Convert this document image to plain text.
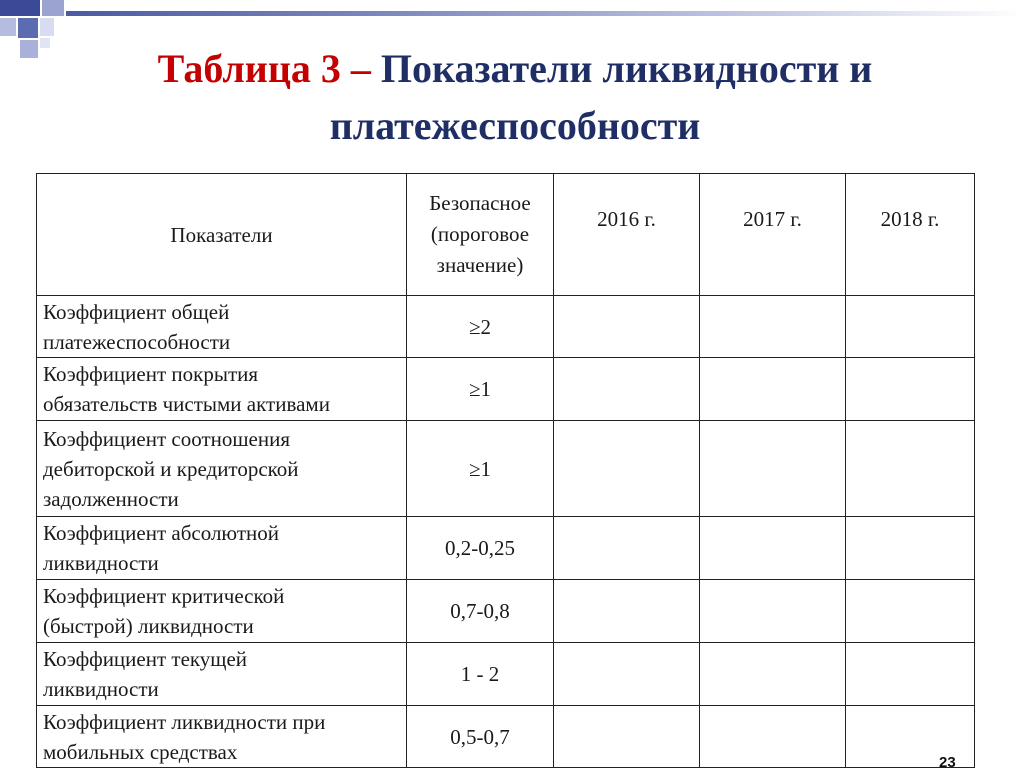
Таблица 3 – Показатели ликвидности и
платежеспособности
Показатели	Безопасное
(пороговое
значение)	2016 г.	2017 г.	2018 г.
Коэффициент общей
платежеспособности	≥2			
Коэффициент покрытия
обязательств чистыми активами	≥1			
Коэффициент соотношения
дебиторской и кредиторской
задолженности	≥1			
Коэффициент абсолютной
ликвидности	0,2-0,25			
Коэффициент критической
(быстрой) ликвидности	0,7-0,8			
Коэффициент текущей
ликвидности	1 - 2			
Коэффициент ликвидности при
мобильных средствах	0,5-0,7			
23
